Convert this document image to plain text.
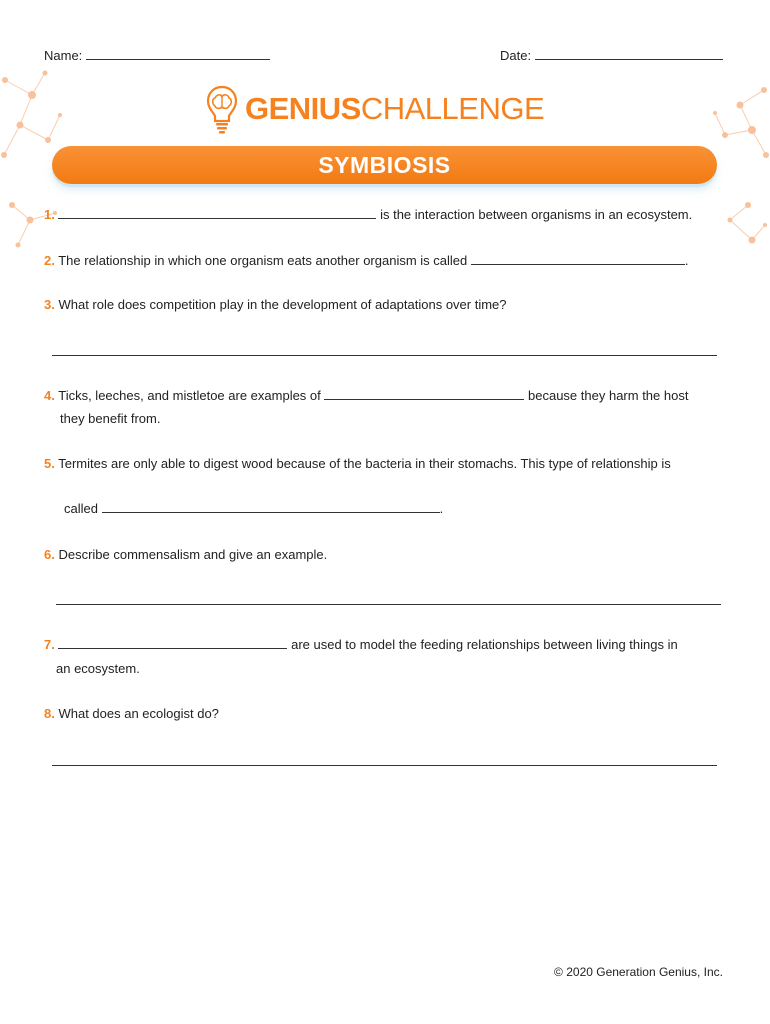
Name:	Date:
GENIUSCHALLENGE
SYMBIOSIS
1.	is the interaction between organisms in an ecosystem.
2. The relationship in which one organism eats another organism is called	.
3. What role does competition play in the development of adaptations over time?
4. Ticks, leeches, and mistletoe are examples of	because they harm the host
they benefit from.
5. Termites are only able to digest wood because of the bacteria in their stomachs. This type of relationship is
called	.
6. Describe commensalism and give an example.
7.	are used to model the feeding relationships between living things in
an ecosystem.
8. What does an ecologist do?
© 2020 Generation Genius, Inc.
